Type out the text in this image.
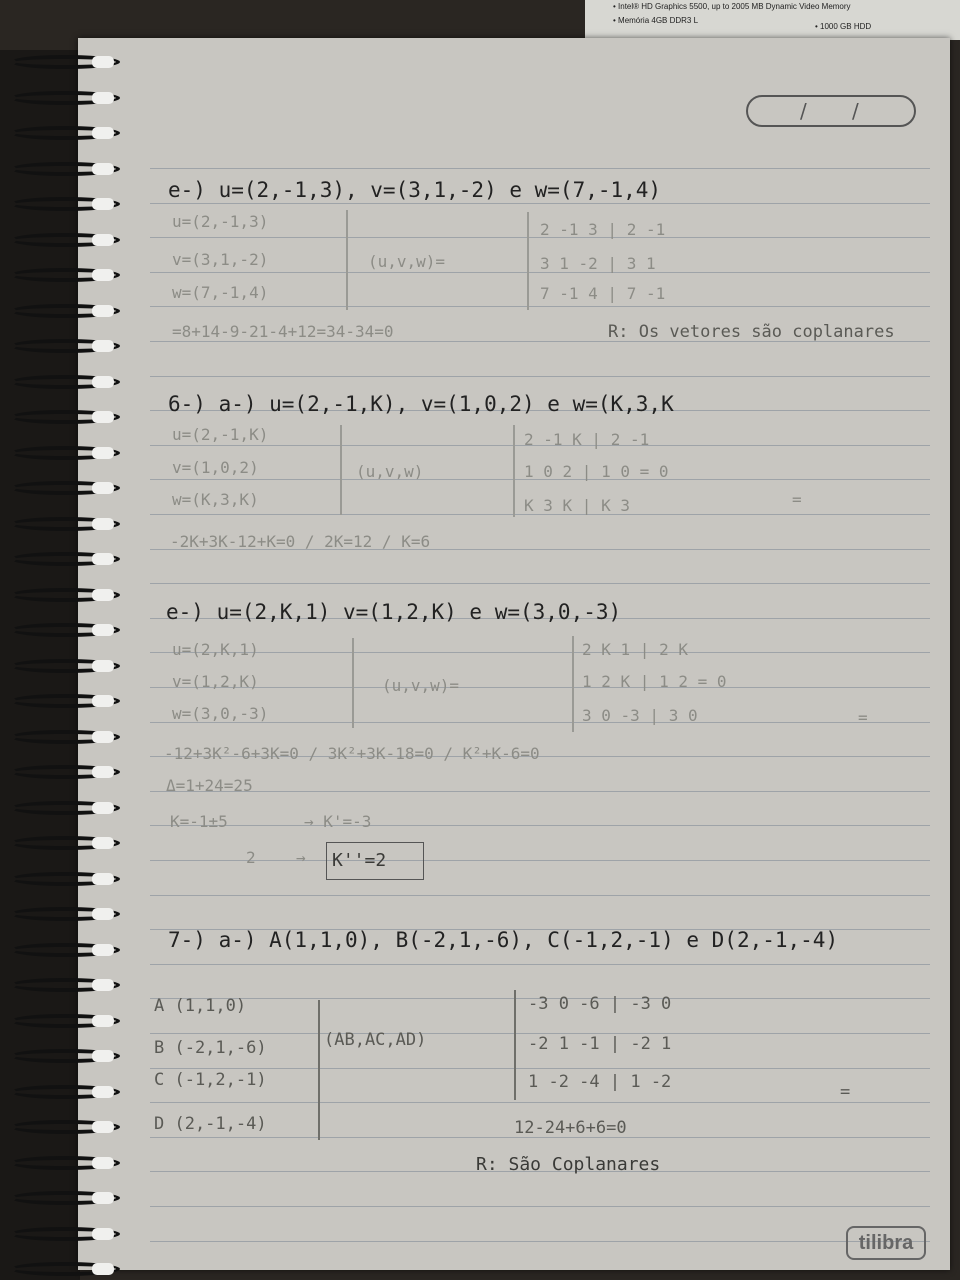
• Intel® HD Graphics 5500, up to 2005 MB Dynamic Video Memory
• Memória 4GB DDR3 L
• 1000 GB HDD
/ /
e-) u=(2,-1,3), v=(3,1,-2) e w=(7,-1,4)
u=(2,-1,3)
v=(3,1,-2)
w=(7,-1,4)
(u,v,w)=
2 -1 3 | 2 -1
3 1 -2 | 3 1
7 -1 4 | 7 -1
=8+14-9-21-4+12=34-34=0	R: Os vetores são coplanares
6-) a-) u=(2,-1,K), v=(1,0,2) e w=(K,3,K
u=(2,-1,K)
v=(1,0,2)
w=(K,3,K)
(u,v,w)
2 -1 K | 2 -1
1 0 2 | 1 0 = 0
K 3 K | K 3	=
-2K+3K-12+K=0 / 2K=12 / K=6
e-) u=(2,K,1) v=(1,2,K) e w=(3,0,-3)
u=(2,K,1)
v=(1,2,K)
w=(3,0,-3)
(u,v,w)=
2 K 1 | 2 K
1 2 K | 1 2 = 0
3 0 -3 | 3 0	=
-12+3K²-6+3K=0 / 3K²+3K-18=0 / K²+K-6=0
Δ=1+24=25
K=-1±5	→ K'=-3
2	→ K''=2
7-) a-) A(1,1,0), B(-2,1,-6), C(-1,2,-1) e D(2,-1,-4)
A (1,1,0)
B (-2,1,-6)
C (-1,2,-1)
D (2,-1,-4)
(AB,AC,AD)
-3 0 -6 | -3 0
-2 1 -1 | -2 1
1 -2 -4 | 1 -2	=
12-24+6+6=0
R: São Coplanares
tilibra
